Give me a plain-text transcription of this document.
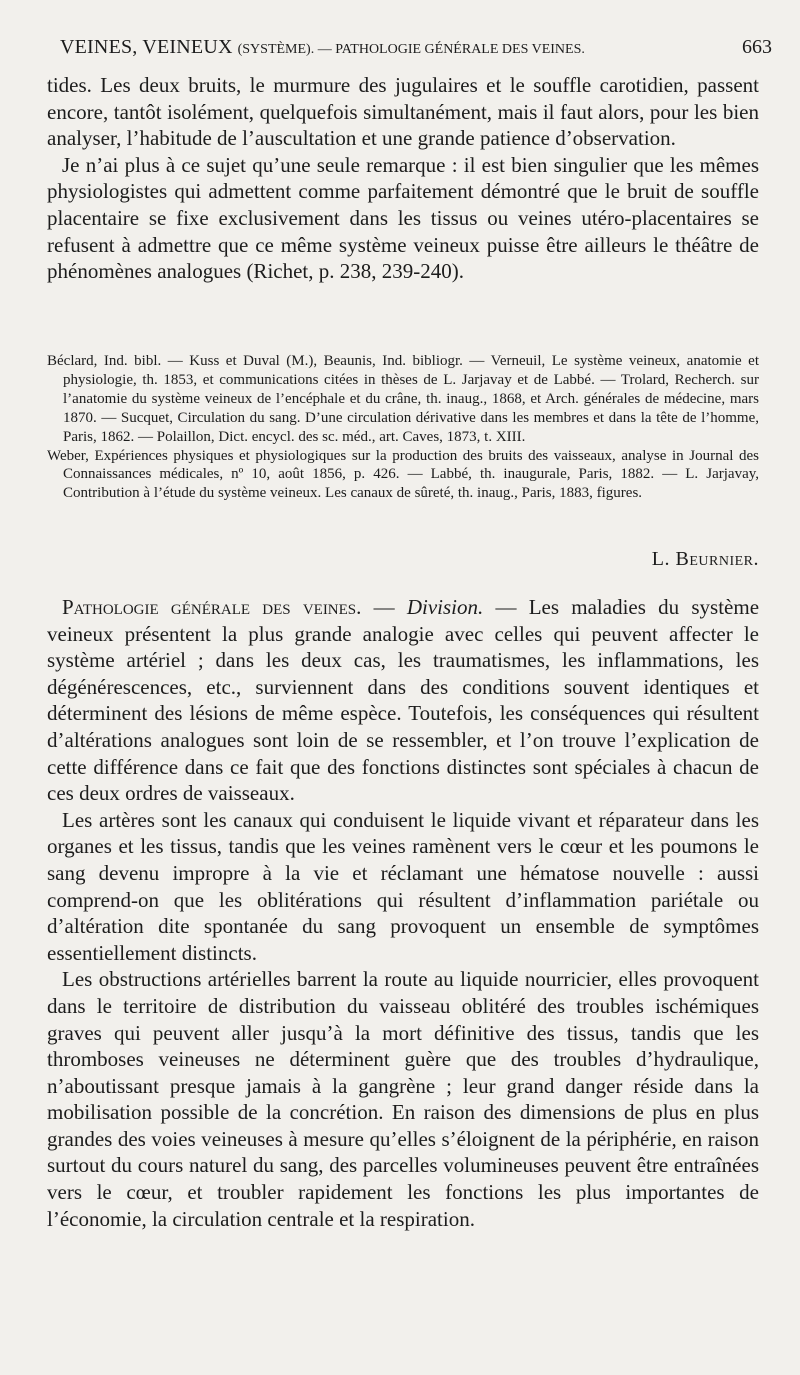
VEINES, VEINEUX (SYSTÈME). — PATHOLOGIE GÉNÉRALE DES VEINES.	663

tides. Les deux bruits, le murmure des jugulaires et le souffle carotidien, passent encore, tantôt isolément, quelquefois simultanément, mais il faut alors, pour les bien analyser, l’habitude de l’auscultation et une grande patience d’observation.

Je n’ai plus à ce sujet qu’une seule remarque : il est bien singulier que les mêmes physiologistes qui admettent comme parfaitement démontré que le bruit de souffle placentaire se fixe exclusivement dans les tissus ou veines utéro-placentaires se refusent à admettre que ce même système veineux puisse être ailleurs le théâtre de phénomènes analogues (Richet, p. 238, 239-240).

Béclard, Ind. bibl. — Kuss et Duval (M.), Beaunis, Ind. bibliogr. — Verneuil, Le système veineux, anatomie et physiologie, th. 1853, et communications citées in thèses de L. Jarjavay et de Labbé. — Trolard, Recherch. sur l’anatomie du système veineux de l’encéphale et du crâne, th. inaug., 1868, et Arch. générales de médecine, mars 1870. — Sucquet, Circulation du sang. D’une circulation dérivative dans les membres et dans la tête de l’homme, Paris, 1862. — Polaillon, Dict. encycl. des sc. méd., art. Caves, 1873, t. XIII.

Weber, Expériences physiques et physiologiques sur la production des bruits des vaisseaux, analyse in Journal des Connaissances médicales, nº 10, août 1856, p. 426. — Labbé, th. inaugurale, Paris, 1882. — L. Jarjavay, Contribution à l’étude du système veineux. Les canaux de sûreté, th. inaug., Paris, 1883, figures.

L. Beurnier.

Pathologie générale des veines. — Division. — Les maladies du système veineux présentent la plus grande analogie avec celles qui peuvent affecter le système artériel ; dans les deux cas, les traumatismes, les inflammations, les dégénérescences, etc., surviennent dans des conditions souvent identiques et déterminent des lésions de même espèce. Toutefois, les conséquences qui résultent d’altérations analogues sont loin de se ressembler, et l’on trouve l’explication de cette différence dans ce fait que des fonctions distinctes sont spéciales à chacun de ces deux ordres de vaisseaux.

Les artères sont les canaux qui conduisent le liquide vivant et réparateur dans les organes et les tissus, tandis que les veines ramènent vers le cœur et les poumons le sang devenu impropre à la vie et réclamant une hématose nouvelle : aussi comprend-on que les oblitérations qui résultent d’inflammation pariétale ou d’altération dite spontanée du sang provoquent un ensemble de symptômes essentiellement distincts.

Les obstructions artérielles barrent la route au liquide nourricier, elles provoquent dans le territoire de distribution du vaisseau oblitéré des troubles ischémiques graves qui peuvent aller jusqu’à la mort définitive des tissus, tandis que les thromboses veineuses ne déterminent guère que des troubles d’hydraulique, n’aboutissant presque jamais à la gangrène ; leur grand danger réside dans la mobilisation possible de la concrétion. En raison des dimensions de plus en plus grandes des voies veineuses à mesure qu’elles s’éloignent de la périphérie, en raison surtout du cours naturel du sang, des parcelles volumineuses peuvent être entraînées vers le cœur, et troubler rapidement les fonctions les plus importantes de l’économie, la circulation centrale et la respiration.
